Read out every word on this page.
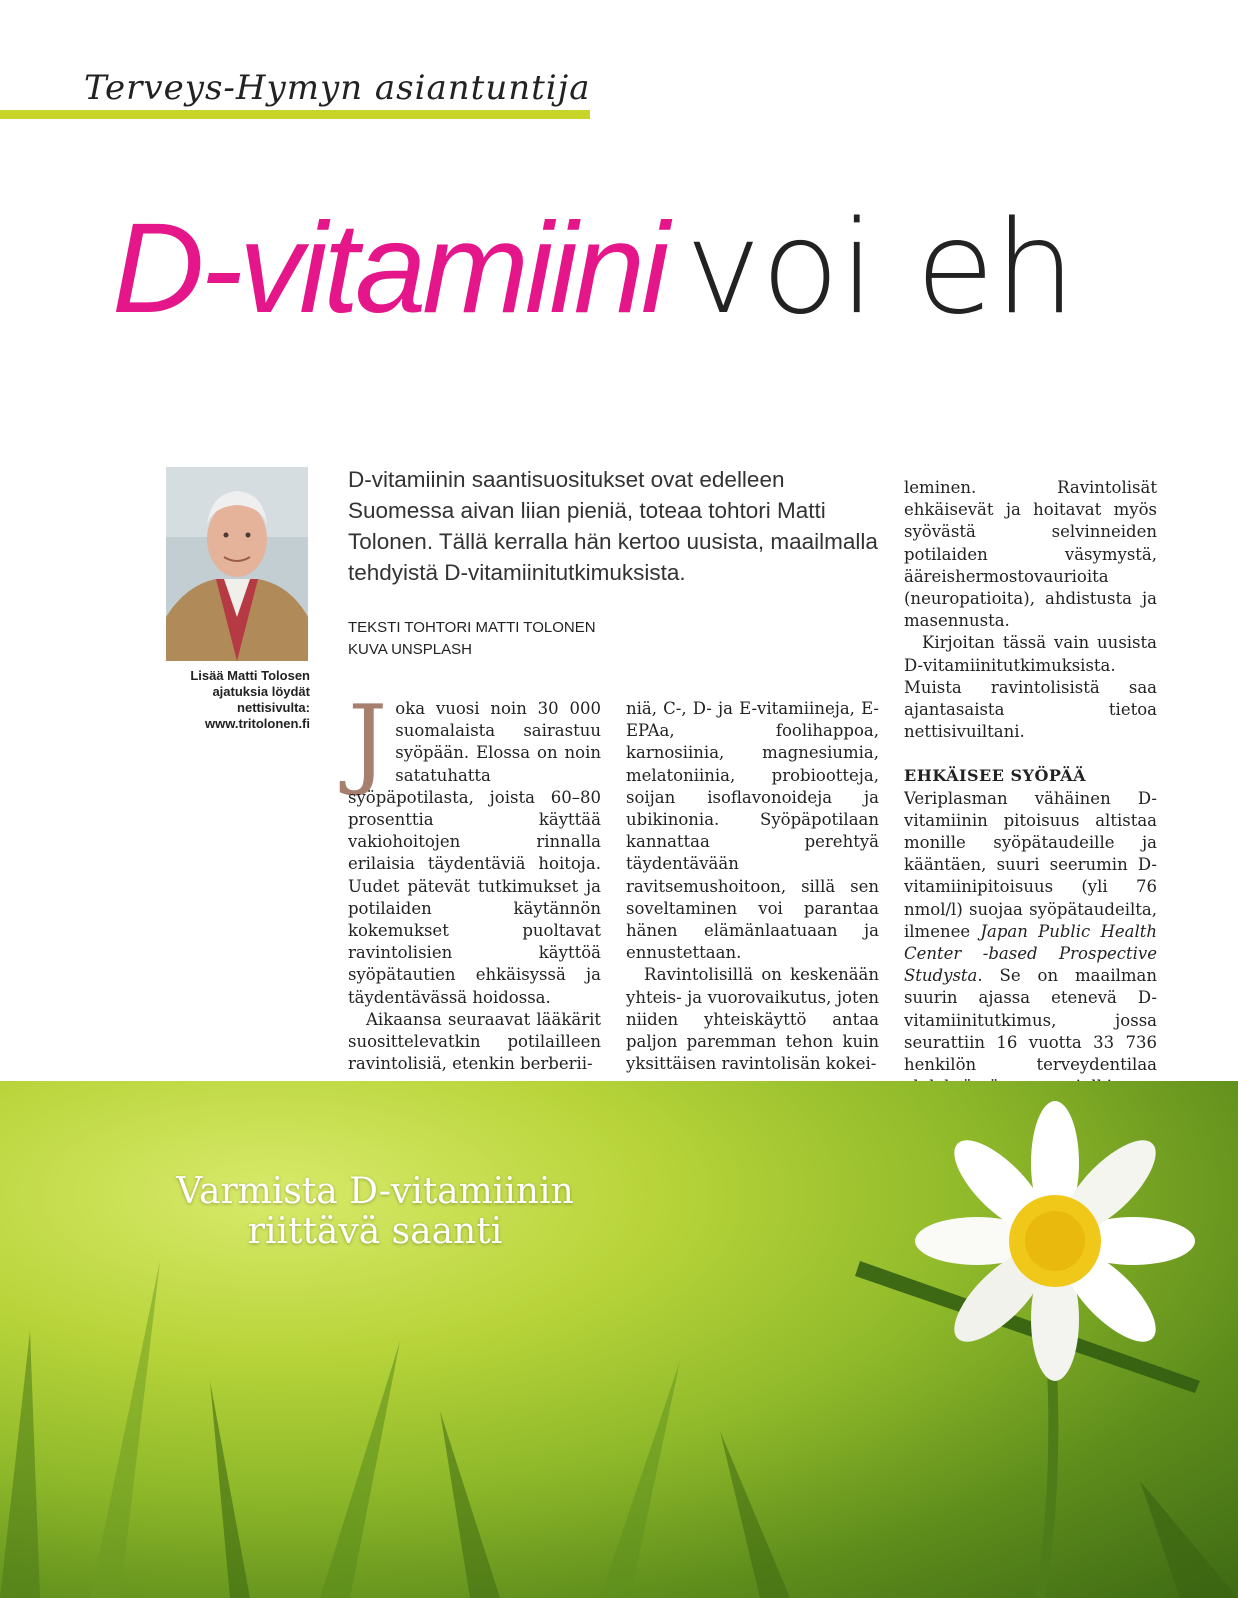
Terveys-Hymyn asiantuntija
D-vitamiini voi eh
Lisää Matti Tolosen ajatuksia löydät nettisivulta: www.tritolonen.fi
D-vitamiinin saantisuositukset ovat edelleen Suomessa aivan liian pieniä, toteaa tohtori Matti Tolonen. Tällä kerralla hän kertoo uusista, maailmalla tehdyistä D-vitamiinitutkimuksista.
TEKSTI TOHTORI MATTI TOLONEN
KUVA UNSPLASH

Joka vuosi noin 30 000 suomalaista sairastuu syöpään. Elossa on noin satatuhatta syöpäpotilasta, joista 60–80 prosenttia käyttää vakiohoitojen rinnalla erilaisia täydentäviä hoitoja. Uudet pätevät tutkimukset ja potilaiden käytännön kokemukset puoltavat ravintolisien käyttöä syöpätautien ehkäisyssä ja täydentävässä hoidossa.

Aikaansa seuraavat lääkärit suosittelevatkin potilailleen ravintolisiä, etenkin berberii-

niä, C-, D- ja E-vitamiineja, E-EPAa, foolihappoa, karnosiinia, magnesiumia, melatoniinia, probiootteja, soijan isoflavonoideja ja ubikinonia. Syöpäpotilaan kannattaa perehtyä täydentävään ravitsemushoitoon, sillä sen soveltaminen voi parantaa hänen elämänlaatuaan ja ennustettaan.

Ravintolisillä on keskenään yhteis- ja vuorovaikutus, joten niiden yhteiskäyttö antaa paljon paremman tehon kuin yksittäisen ravintolisän kokei-

leminen. Ravintolisät ehkäisevät ja hoitavat myös syövästä selvinneiden potilaiden väsymystä, ääreishermostovaurioita (neuropatioita), ahdistusta ja masennusta.

Kirjoitan tässä vain uusista D-vitamiinitutkimuksista. Muista ravintolisistä saa ajantasaista tietoa nettisivuiltani.

EHKÄISEE SYÖPÄÄ

Veriplasman vähäinen D-vitamiinin pitoisuus altistaa monille syöpätaudeille ja kääntäen, suuri seerumin D-vitamiinipitoisuus (yli 76 nmol/l) suojaa syöpätaudeilta, ilmenee Japan Public Health Center -based Prospective Studysta. Se on maailman suurin ajassa etenevä D-vitamiinitutkimus, jossa seurattiin 16 vuotta 33 736 henkilön terveydentilaa

Varmista D-vitamiinin
riittävä saanti
